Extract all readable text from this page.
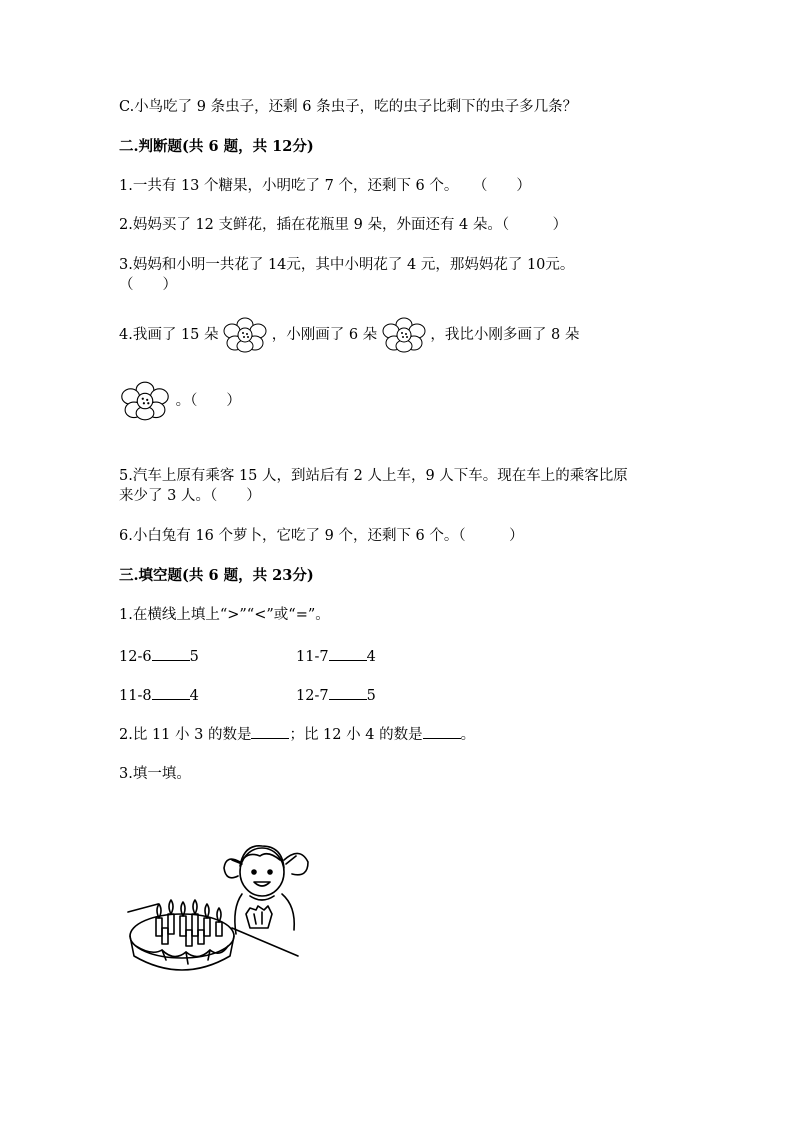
C.小鸟吃了 9 条虫子，还剩 6 条虫子，吃的虫子比剩下的虫子多几条？
二.判断题(共 6 题，共 12分)
1.一共有 13 个糖果，小明吃了 7 个，还剩下 6 个。　　（　　）
2.妈妈买了 12 支鲜花，插在花瓶里 9 朵，外面还有 4 朵。（　　　）
3.妈妈和小明一共花了 14元，其中小明花了 4 元，那妈妈花了 10元。
（　　）
4.我画了 15 朵	，小刚画了 6 朵	，我比小刚多画了 8 朵
。（　　）
5.汽车上原有乘客 15 人，到站后有 2 人上车，9 人下车。现在车上的乘客比原
来少了 3 人。（　　）
6.小白兔有 16 个萝卜，它吃了 9 个，还剩下 6 个。（　　　）
三.填空题(共 6 题，共 23分)
1.在横线上填上“>”“<”或“=”。
12-6	5	11-7	4
11-8	4	12-7	5
2.比 11 小 3 的数是	；比 12 小 4 的数是	。
3.填一填。
